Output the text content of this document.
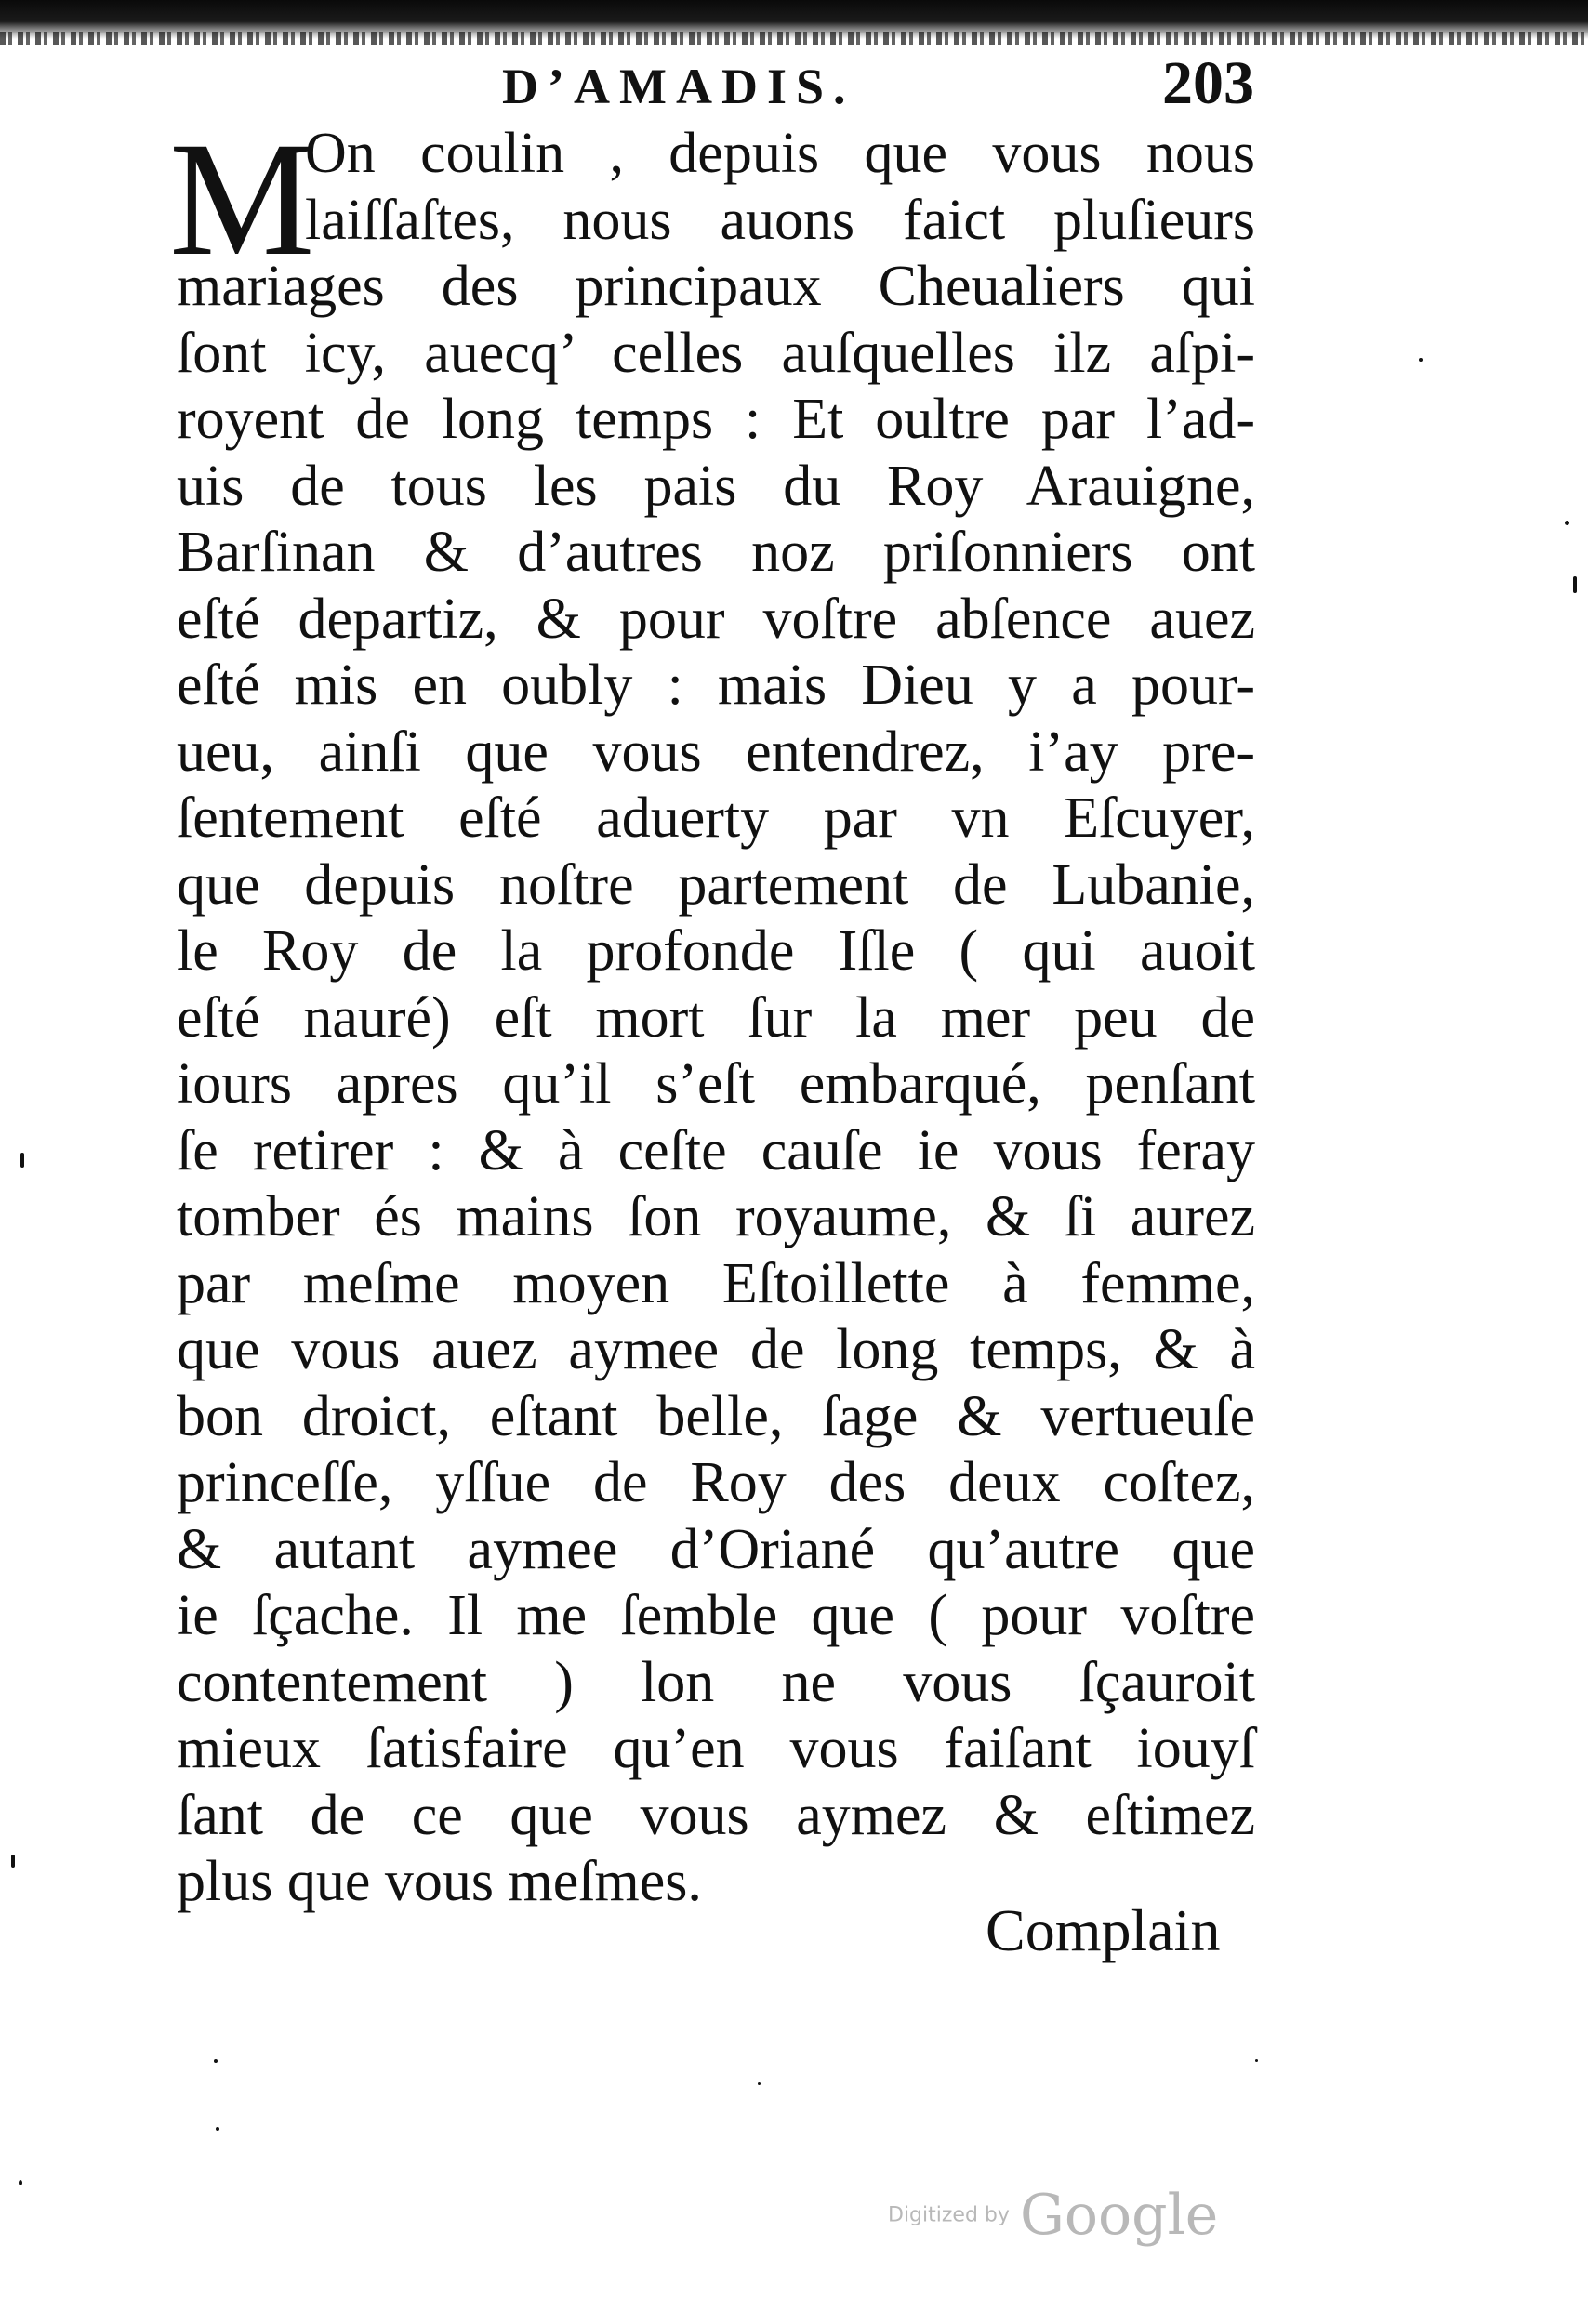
D’AMADIS.	203
M
On coulin , depuis que vous nous
laiſſaſtes, nous auons faict pluſieurs
mariages des principaux Cheualiers qui
ſont icy, auecq’ celles auſquelles ilz aſpi-
royent de long temps : Et oultre par l’ad-
uis de tous les pais du Roy Arauigne,
Barſinan & d’autres noz priſonniers ont
eſté departiz, & pour voſtre abſence auez
eſté mis en oubly : mais Dieu y a pour-
ueu, ainſi que vous entendrez, i’ay pre-
ſentement eſté aduerty par vn Eſcuyer,
que depuis noſtre partement de Lubanie,
le Roy de la profonde Iſle ( qui auoit
eſté nauré) eſt mort ſur la mer peu de
iours apres qu’il s’eſt embarqué, penſant
ſe retirer : & à ceſte cauſe ie vous feray
tomber és mains ſon royaume, & ſi aurez
par meſme moyen Eſtoillette à femme,
que vous auez aymee de long temps, & à
bon droict, eſtant belle, ſage & vertueuſe
princeſſe, yſſue de Roy des deux coſtez,
& autant aymee d’Oriané qu’autre que
ie ſçache. Il me ſemble que ( pour voſtre
contentement ) lon ne vous ſçauroit
mieux ſatisfaire qu’en vous faiſant iouyſ
ſant de ce que vous aymez & eſtimez
plus que vous meſmes.
Complain
Digitized by Google
